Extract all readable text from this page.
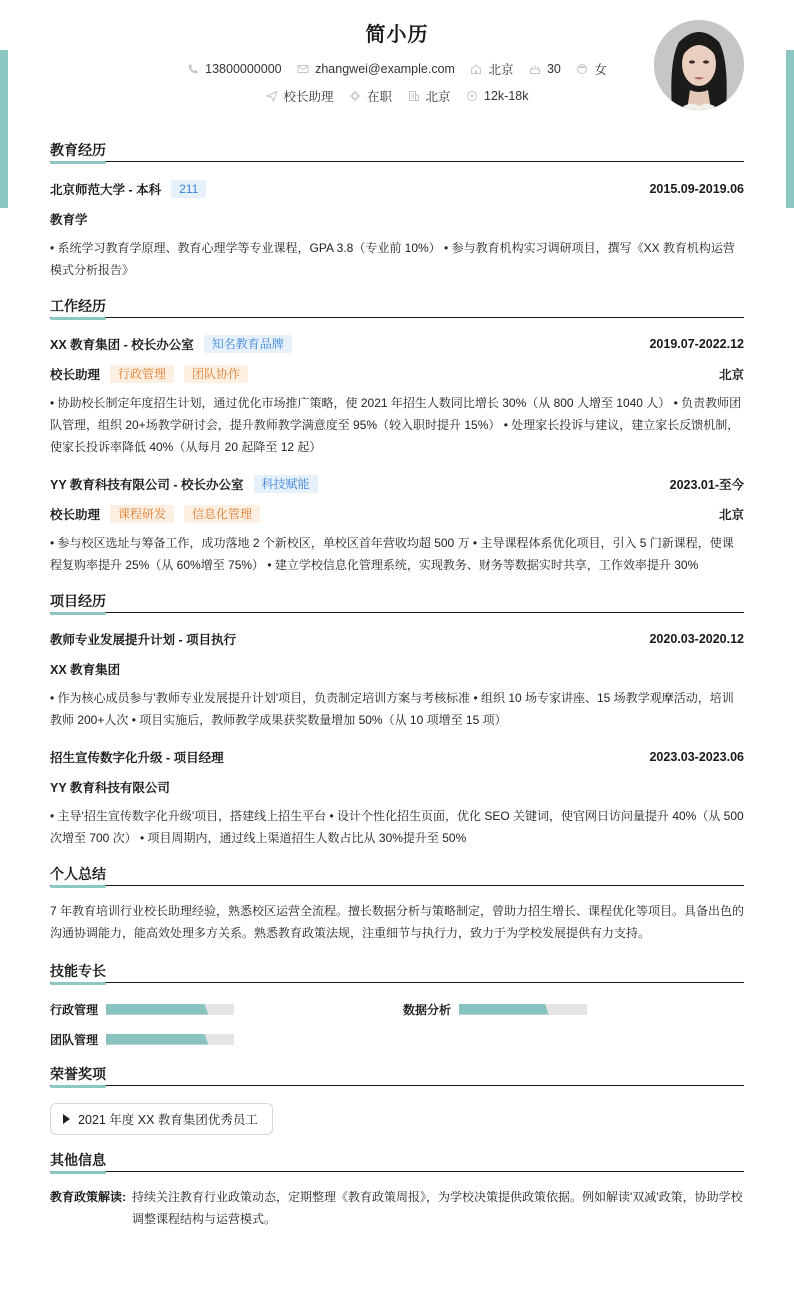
简小历
13800000000
	zhangwei@example.com
	北京
	30
	女
校长助理
	在职
	北京
	12k-18k
教育经历
北京师范大学 - 本科	211	2015.09-2019.06
教育学
• 系统学习教育学原理、教育心理学等专业课程，GPA 3.8（专业前 10%） • 参与教育机构实习调研项目，撰写《XX 教育机构运营模式分析报告》
工作经历
XX 教育集团 - 校长办公室	知名教育品牌	2019.07-2022.12
校长助理	行政管理	团队协作	北京
• 协助校长制定年度招生计划，通过优化市场推广策略，使 2021 年招生人数同比增长 30%（从 800 人增至 1040 人） • 负责教师团队管理，组织 20+场教学研讨会，提升教师教学满意度至 95%（较入职时提升 15%） • 处理家长投诉与建议，建立家长反馈机制，使家长投诉率降低 40%（从每月 20 起降至 12 起）
YY 教育科技有限公司 - 校长办公室	科技赋能	2023.01-至今
校长助理	课程研发	信息化管理	北京
• 参与校区选址与筹备工作，成功落地 2 个新校区，单校区首年营收均超 500 万 • 主导课程体系优化项目，引入 5 门新课程，使课程复购率提升 25%（从 60%增至 75%） • 建立学校信息化管理系统，实现教务、财务等数据实时共享，工作效率提升 30%
项目经历
教师专业发展提升计划 - 项目执行	2020.03-2020.12
XX 教育集团
• 作为核心成员参与'教师专业发展提升计划'项目，负责制定培训方案与考核标准 • 组织 10 场专家讲座、15 场教学观摩活动，培训教师 200+人次 • 项目实施后，教师教学成果获奖数量增加 50%（从 10 项增至 15 项）
招生宣传数字化升级 - 项目经理	2023.03-2023.06
YY 教育科技有限公司
• 主导'招生宣传数字化升级'项目，搭建线上招生平台 • 设计个性化招生页面，优化 SEO 关键词，使官网日访问量提升 40%（从 500 次增至 700 次） • 项目周期内，通过线上渠道招生人数占比从 30%提升至 50%
个人总结
7 年教育培训行业校长助理经验，熟悉校区运营全流程。擅长数据分析与策略制定，曾助力招生增长、课程优化等项目。具备出色的沟通协调能力，能高效处理多方关系。熟悉教育政策法规，注重细节与执行力，致力于为学校发展提供有力支持。
技能专长
行政管理	数据分析
团队管理
荣誉奖项
2021 年度 XX 教育集团优秀员工
其他信息
教育政策解读: 持续关注教育行业政策动态，定期整理《教育政策周报》，为学校决策提供政策依据。例如解读'双减'政策，协助学校调整课程结构与运营模式。
